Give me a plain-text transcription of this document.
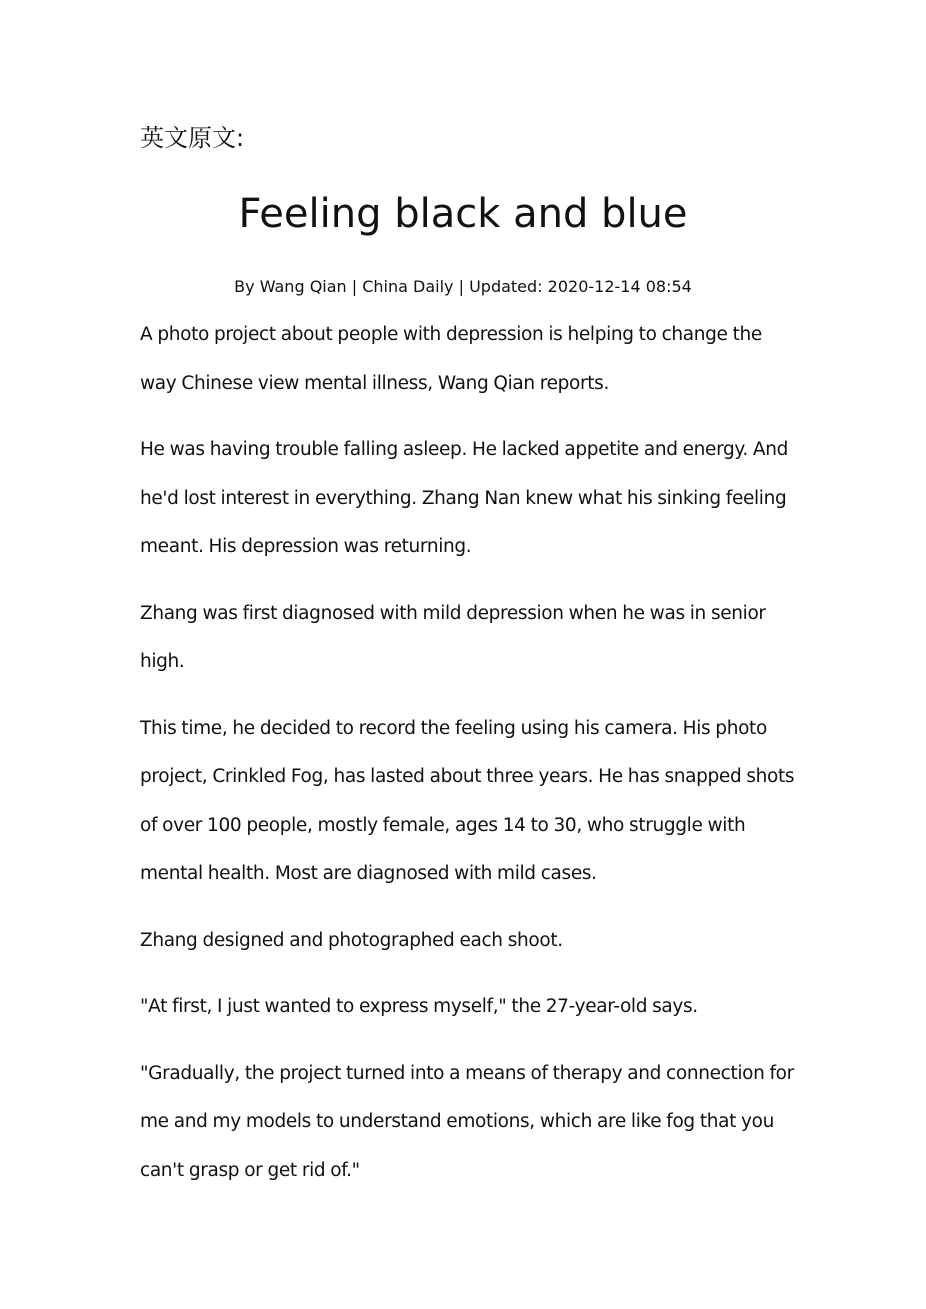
英文原文:
Feeling black and blue

By Wang Qian | China Daily | Updated: 2020-12-14 08:54

A photo project about people with depression is helping to change the way Chinese view mental illness, Wang Qian reports.

He was having trouble falling asleep. He lacked appetite and energy. And he'd lost interest in everything. Zhang Nan knew what his sinking feeling meant. His depression was returning.

Zhang was first diagnosed with mild depression when he was in senior high.

This time, he decided to record the feeling using his camera. His photo project, Crinkled Fog, has lasted about three years. He has snapped shots of over 100 people, mostly female, ages 14 to 30, who struggle with mental health. Most are diagnosed with mild cases.

Zhang designed and photographed each shoot.

"At first, I just wanted to express myself," the 27-year-old says.

"Gradually, the project turned into a means of therapy and connection for me and my models to understand emotions, which are like fog that you can't grasp or get rid of."
